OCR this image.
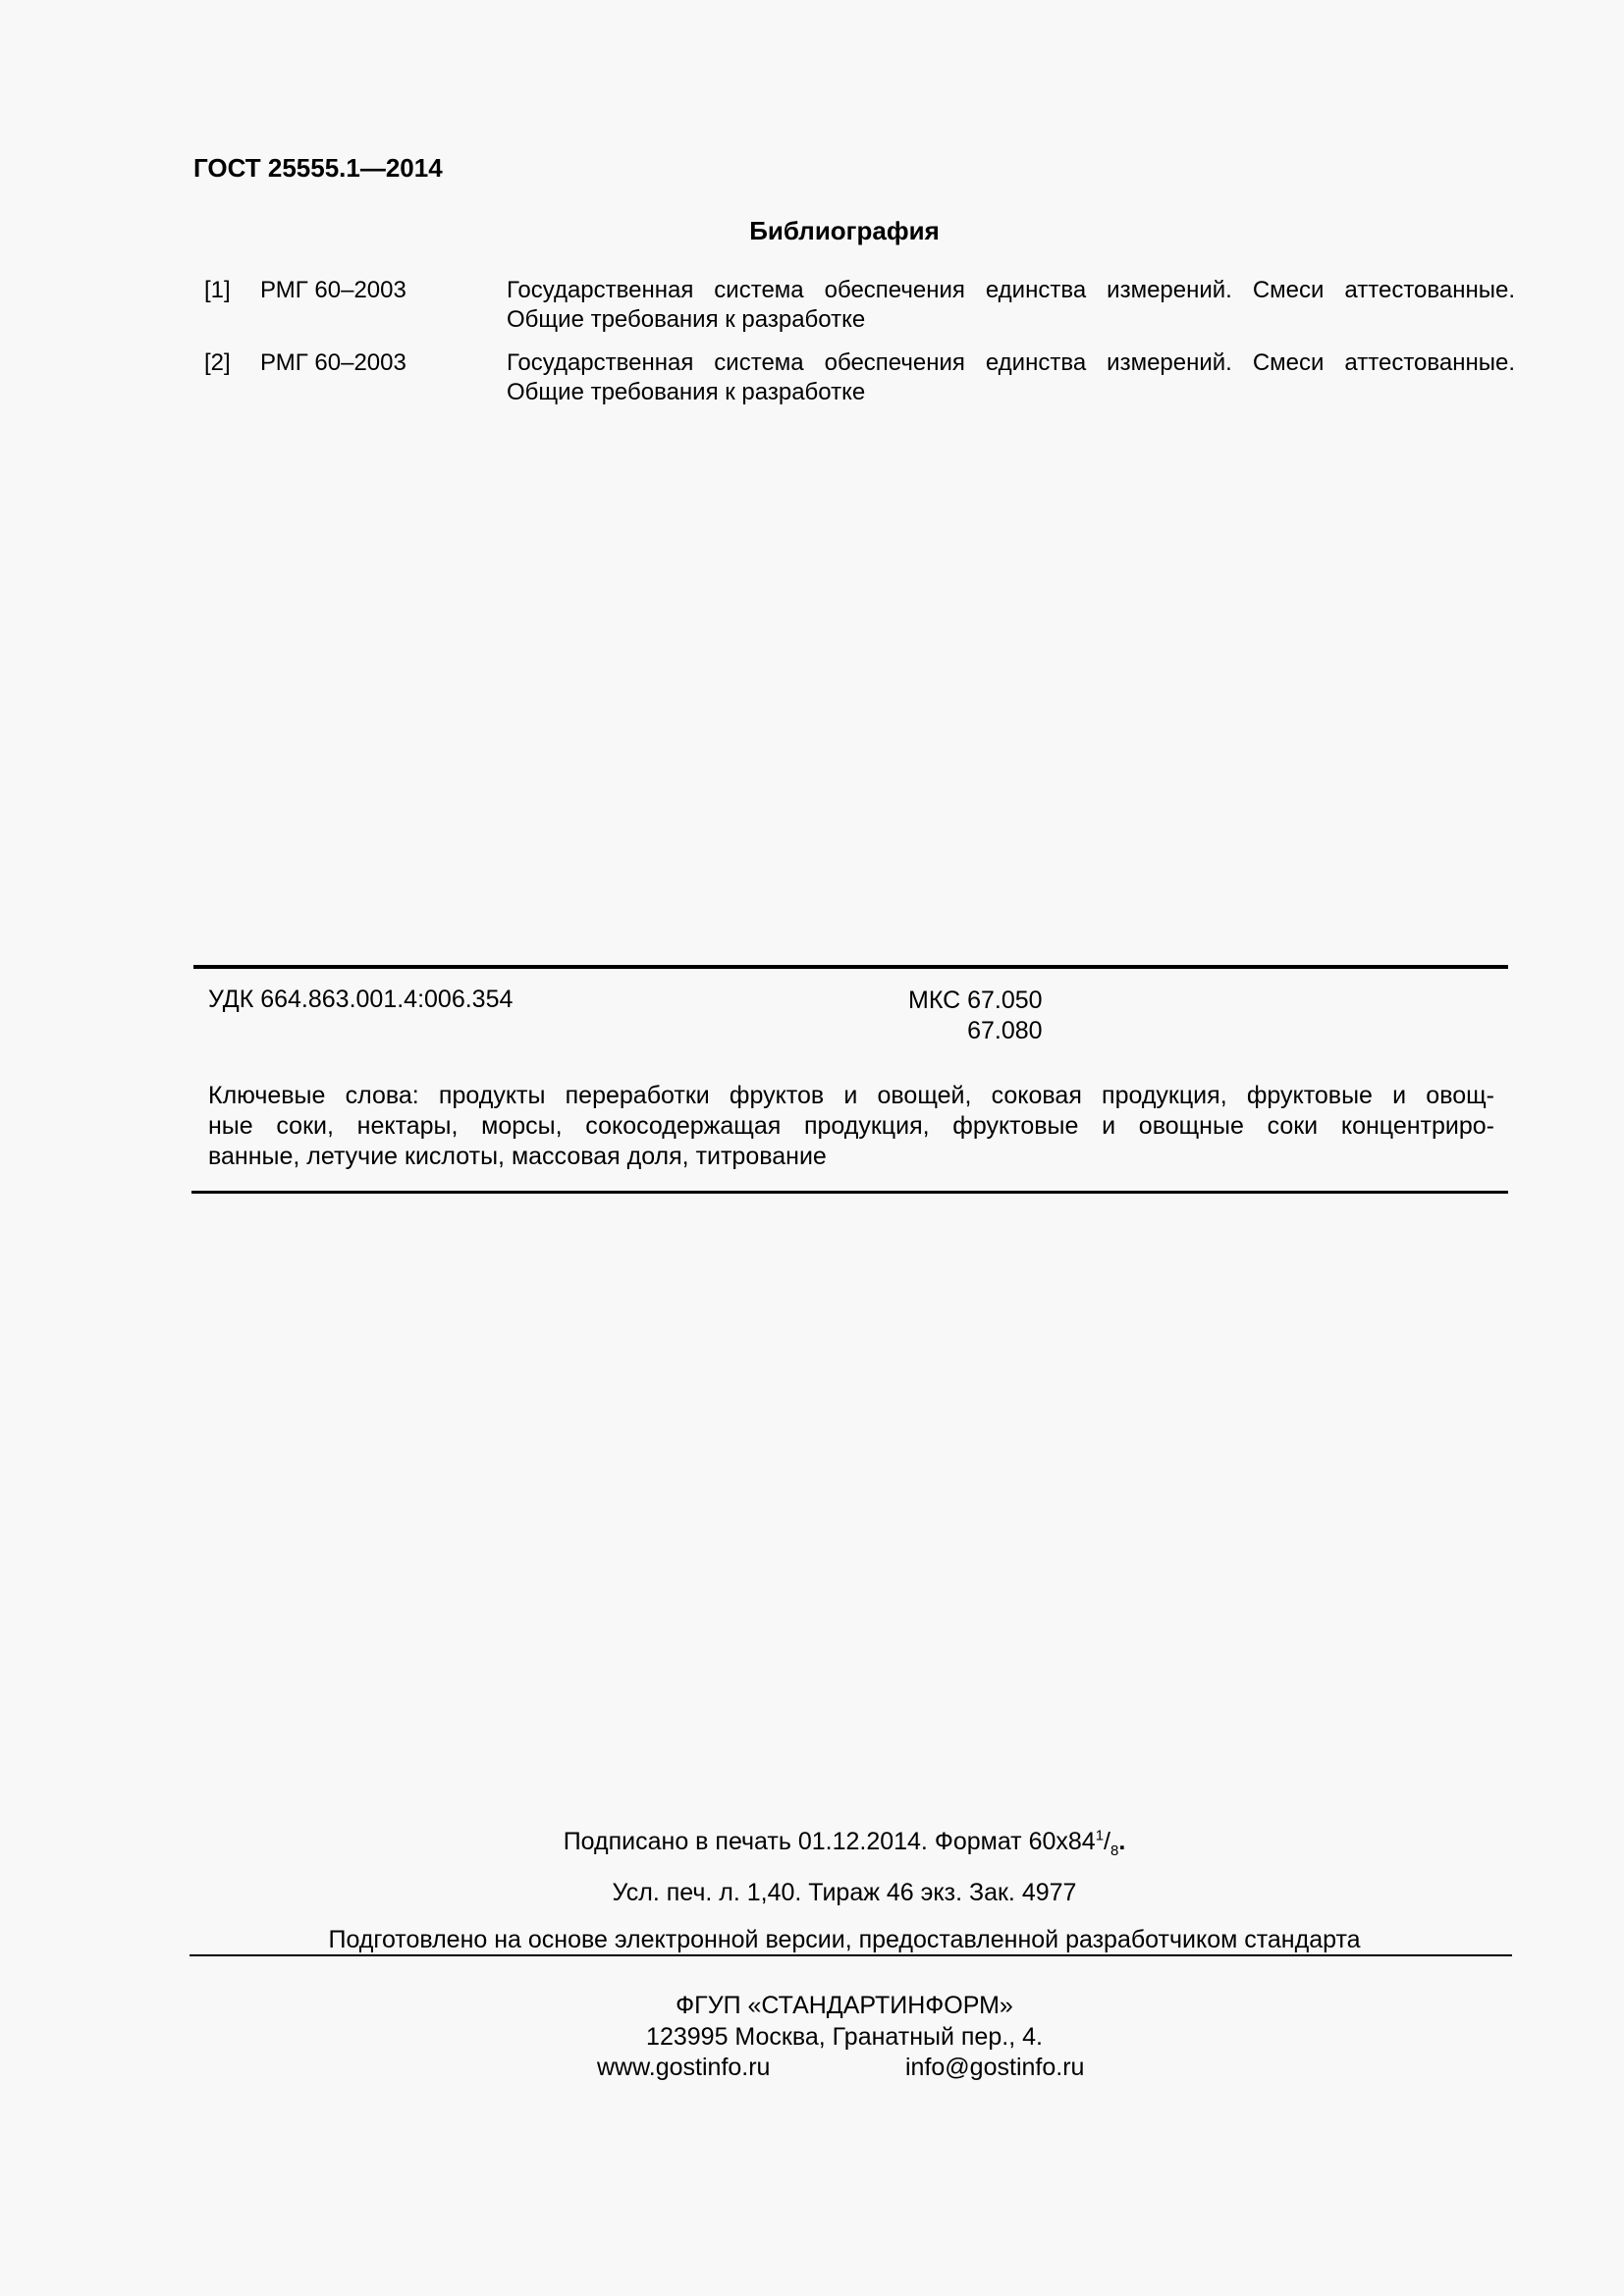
ГОСТ 25555.1—2014
Библиография
[1] РМГ 60–2003	Государственная система обеспечения единства измерений. Смеси аттестованные.
Общие требования к разработке
[2] РМГ 60–2003	Государственная система обеспечения единства измерений. Смеси аттестованные.
Общие требования к разработке
УДК 664.863.001.4:006.354	МКС 67.050
67.080
Ключевые слова: продукты переработки фруктов и овощей, соковая продукция, фруктовые и овощ-
ные соки, нектары, морсы, сокосодержащая продукция, фруктовые и овощные соки концентриро-
ванные, летучие кислоты, массовая доля, титрование
Подписано в печать 01.12.2014. Формат $60x84^1/_8$.
Усл. печ. л. 1,40. Тираж 46 экз. Зак. 4977
Подготовлено на основе электронной версии, предоставленной разработчиком стандарта
ФГУП «СТАНДАРТИНФОРМ»
123995 Москва, Гранатный пер., 4.
www.gostinfo.ru	info@gostinfo.ru
